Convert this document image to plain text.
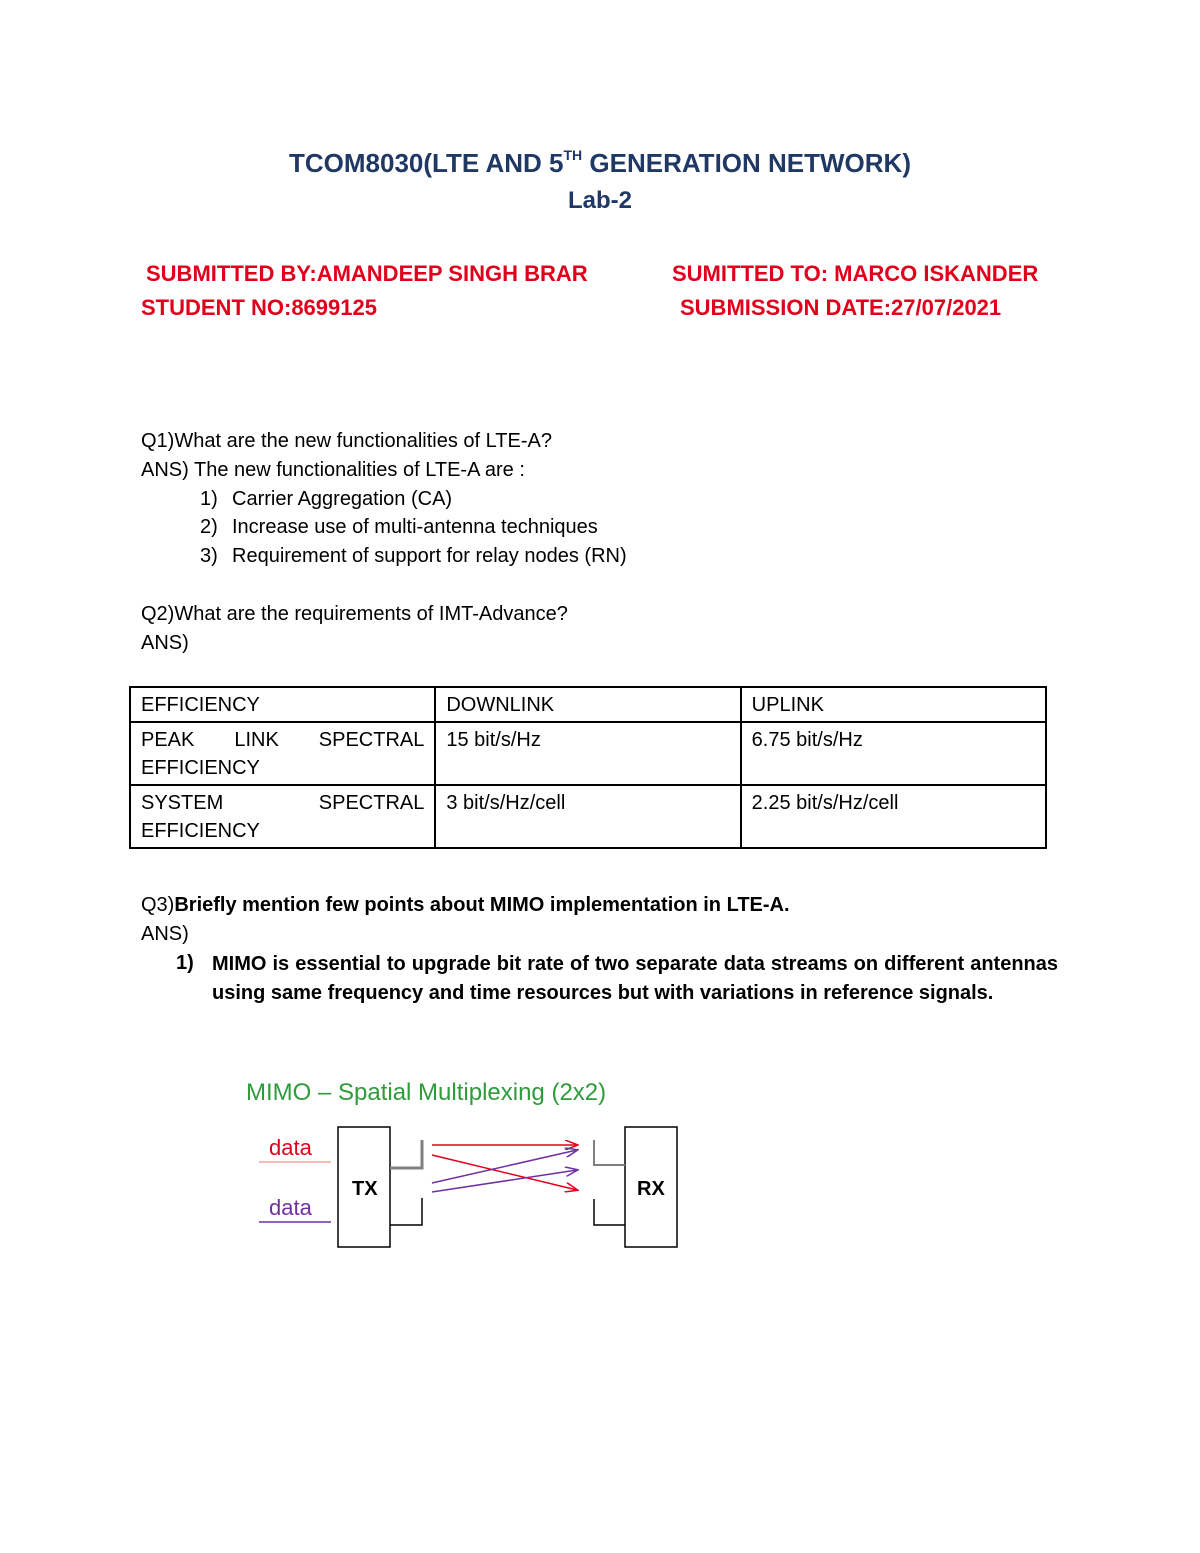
TCOM8030(LTE AND 5TH GENERATION NETWORK)
Lab-2
SUBMITTED BY:AMANDEEP SINGH BRAR	SUMITTED TO: MARCO ISKANDER
STUDENT NO:8699125	SUBMISSION DATE:27/07/2021
Q1)What are the new functionalities of LTE-A?
ANS) The new functionalities of LTE-A are :
1) Carrier Aggregation (CA)
2) Increase use of multi-antenna techniques
3) Requirement of support for relay nodes (RN)
Q2)What are the requirements of IMT-Advance?
ANS)
EFFICIENCY	DOWNLINK	UPLINK
PEAK LINK SPECTRAL EFFICIENCY	15 bit/s/Hz	6.75 bit/s/Hz
SYSTEM SPECTRAL EFFICIENCY	3 bit/s/Hz/cell	2.25 bit/s/Hz/cell
Q3)Briefly mention few points about MIMO implementation in LTE-A.
ANS)
1) MIMO is essential to upgrade bit rate of two separate data streams on different antennas using same frequency and time resources but with variations in reference signals.
MIMO – Spatial Multiplexing (2x2)
data
data
TX	RX
